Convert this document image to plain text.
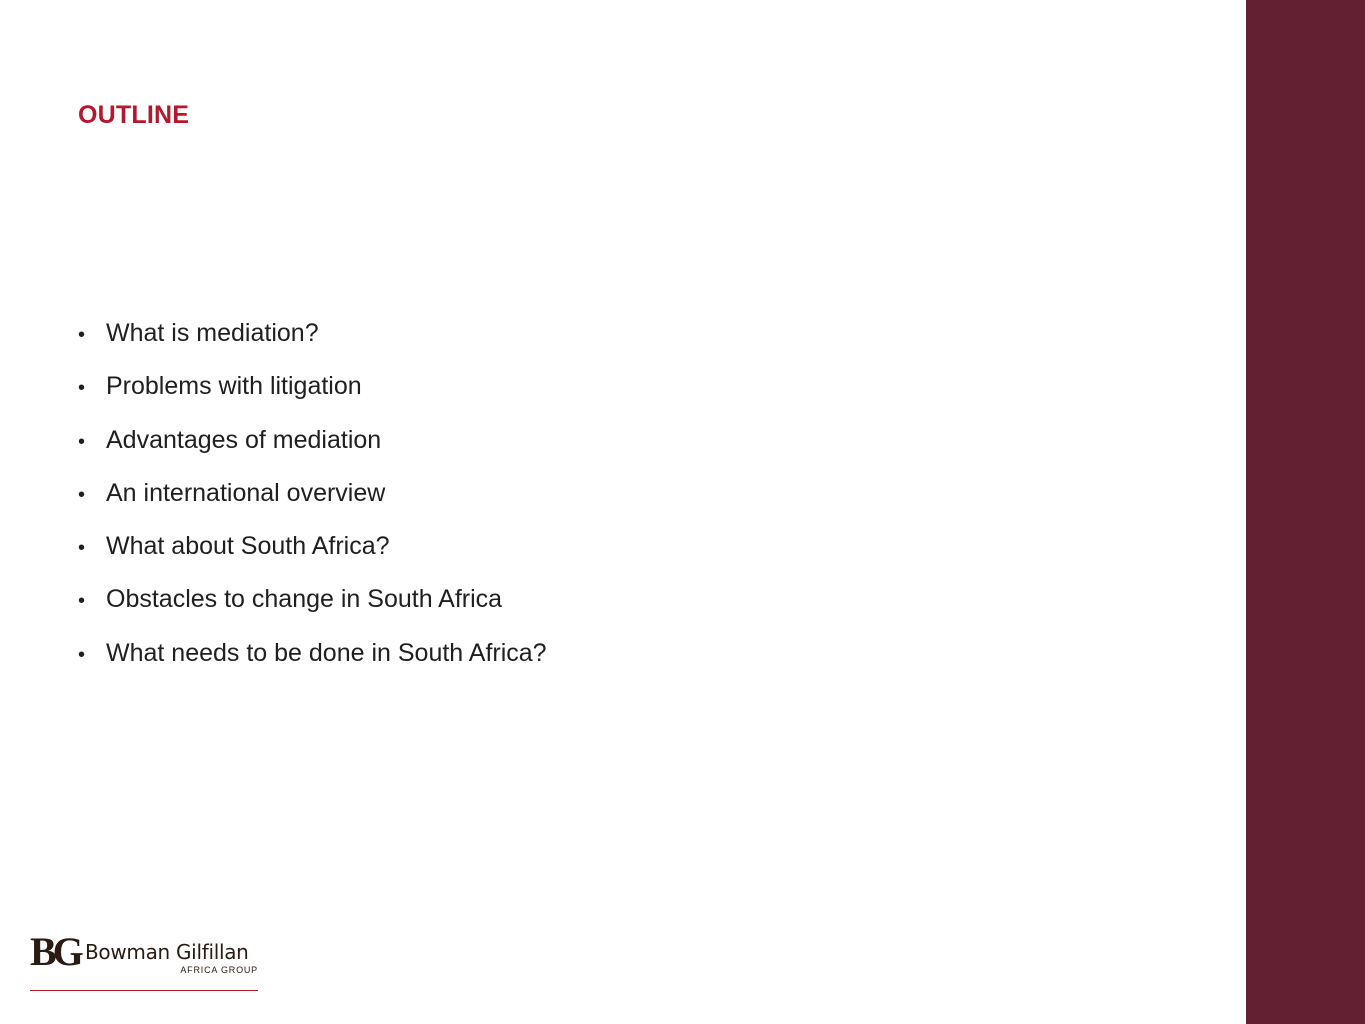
OUTLINE
• What is mediation?
• Problems with litigation
• Advantages of mediation
• An international overview
• What about South Africa?
• Obstacles to change in South Africa
• What needs to be done in South Africa?
BG Bowman Gilfillan
AFRICA GROUP
